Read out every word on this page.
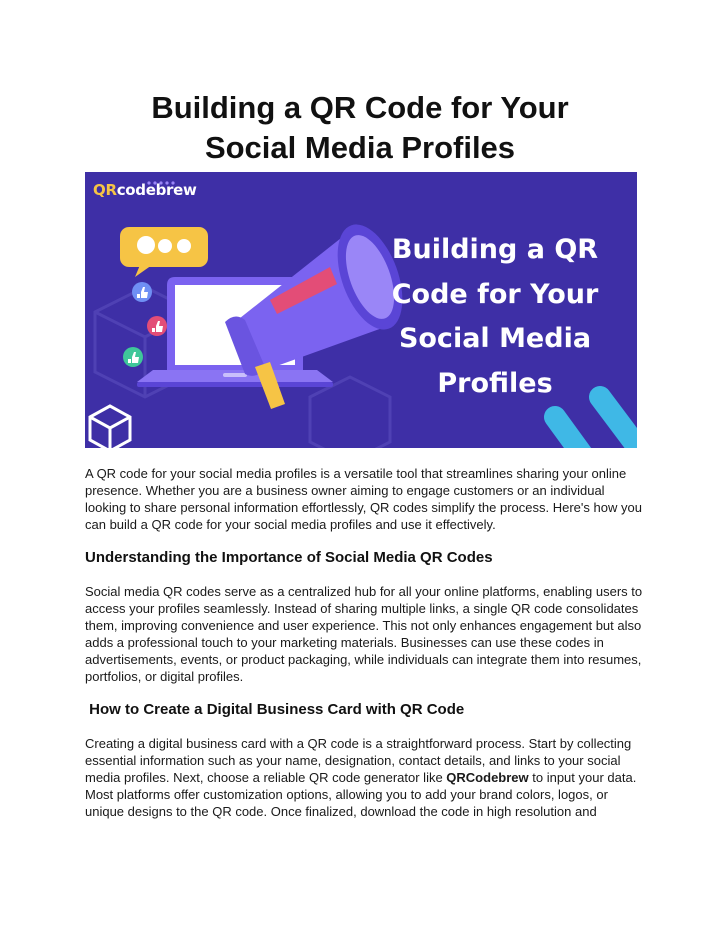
Building a QR Code for Your
Social Media Profiles
QRcodebrew
Building a QR
Code for Your
Social Media
Profiles

A QR code for your social media profiles is a versatile tool that streamlines sharing your online presence. Whether you are a business owner aiming to engage customers or an individual looking to share personal information effortlessly, QR codes simplify the process. Here's how you can build a QR code for your social media profiles and use it effectively.

Understanding the Importance of Social Media QR Codes

Social media QR codes serve as a centralized hub for all your online platforms, enabling users to access your profiles seamlessly. Instead of sharing multiple links, a single QR code consolidates them, improving convenience and user experience. This not only enhances engagement but also adds a professional touch to your marketing materials. Businesses can use these codes in advertisements, events, or product packaging, while individuals can integrate them into resumes, portfolios, or digital profiles.

How to Create a Digital Business Card with QR Code

Creating a digital business card with a QR code is a straightforward process. Start by collecting essential information such as your name, designation, contact details, and links to your social media profiles. Next, choose a reliable QR code generator like QRCodebrew to input your data. Most platforms offer customization options, allowing you to add your brand colors, logos, or unique designs to the QR code. Once finalized, download the code in high resolution and
